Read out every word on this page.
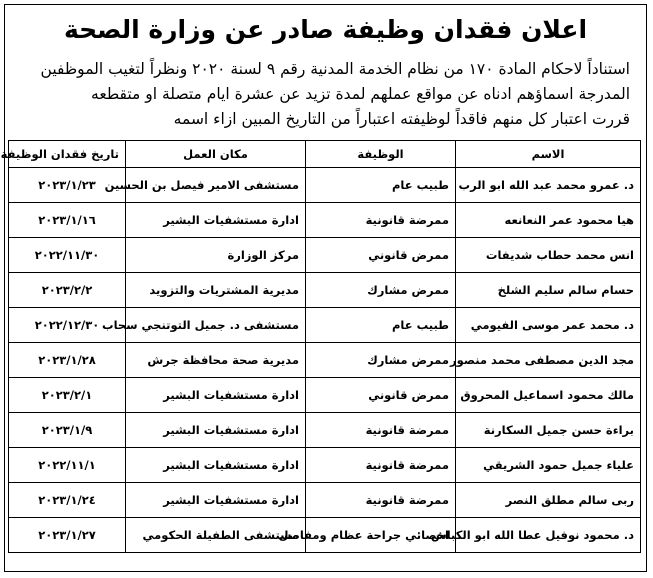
اعلان فقدان وظيفة صادر عن وزارة الصحة
استناداً لاحكام المادة ١٧٠ من نظام الخدمة المدنية رقم ٩ لسنة ٢٠٢٠ ونظراً لتغيب الموظفين
المدرجة اسماؤهم ادناه عن مواقع عملهم لمدة تزيد عن عشرة ايام متصلة او متقطعه
قررت اعتبار كل منهم فاقداً لوظيفته اعتباراً من التاريخ المبين ازاء اسمه
الاسم	الوظيفة	مكان العمل	تاريخ فقدان الوظيفة
د. عمرو محمد عبد الله ابو الرب	طبيب عام	مستشفى الامير فيصل بن الحسين	٢٠٢٣/١/٢٣
هيا محمود عمر النعانعه	ممرضة قانونية	ادارة مستشفيات البشير	٢٠٢٣/١/١٦
انس محمد حطاب شديفات	ممرض قانوني	مركز الوزارة	٢٠٢٢/١١/٣٠
حسام سالم سليم الشلخ	ممرض مشارك	مديرية المشتريات والتزويد	٢٠٢٣/٢/٢
د. محمد عمر موسى الفيومي	طبيب عام	مستشفى د. جميل التوتنجي سحاب	٢٠٢٢/١٢/٣٠
مجد الدين مصطفى محمد منصور	ممرض مشارك	مديرية صحة محافظة جرش	٢٠٢٣/١/٢٨
مالك محمود اسماعيل المحروق	ممرض قانوني	ادارة مستشفيات البشير	٢٠٢٣/٢/١
براءة حسن جميل السكارنة	ممرضة قانونية	ادارة مستشفيات البشير	٢٠٢٣/١/٩
علياء جميل حمود الشريقي	ممرضة قانونية	ادارة مستشفيات البشير	٢٠٢٢/١١/١
ربى سالم مطلق النصر	ممرضة قانونية	ادارة مستشفيات البشير	٢٠٢٣/١/٢٤
د. محمود نوفيل عطا الله ابو الكباش	اخصائي جراحة عظام ومفاصل	مستشفى الطفيلة الحكومي	٢٠٢٣/١/٢٧
